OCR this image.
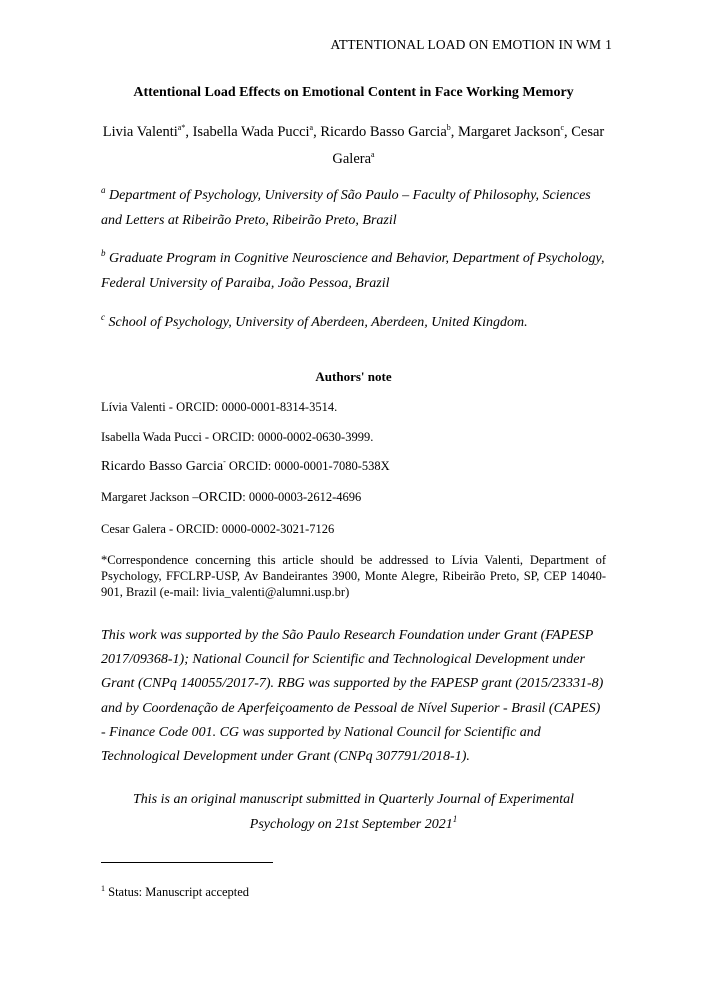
ATTENTIONAL LOAD ON EMOTION IN WM 1
Attentional Load Effects on Emotional Content in Face Working Memory
Livia Valenti$^{a*}$, Isabella Wada Pucci$^a$, Ricardo Basso Garcia$^b$, Margaret Jackson$^c$, Cesar Galera$^a$
$^a$ Department of Psychology, University of São Paulo – Faculty of Philosophy, Sciences and Letters at Ribeirão Preto, Ribeirão Preto, Brazil
$^b$ Graduate Program in Cognitive Neuroscience and Behavior, Department of Psychology, Federal University of Paraiba, João Pessoa, Brazil
$^c$ School of Psychology, University of Aberdeen, Aberdeen, United Kingdom.
Authors' note
Lívia Valenti - ORCID: 0000-0001-8314-3514.
Isabella Wada Pucci - ORCID: 0000-0002-0630-3999.
Ricardo Basso Garcia- ORCID: 0000-0001-7080-538X
Margaret Jackson –ORCID: 0000-0003-2612-4696
Cesar Galera - ORCID: 0000-0002-3021-7126
*Correspondence concerning this article should be addressed to Lívia Valenti, Department of Psychology, FFCLRP-USP, Av Bandeirantes 3900, Monte Alegre, Ribeirão Preto, SP, CEP 14040-901, Brazil (e-mail: livia_valenti@alumni.usp.br)
This work was supported by the São Paulo Research Foundation under Grant (FAPESP 2017/09368-1); National Council for Scientific and Technological Development under Grant (CNPq 140055/2017-7). RBG was supported by the FAPESP grant (2015/23331-8) and by Coordenação de Aperfeiçoamento de Pessoal de Nível Superior - Brasil (CAPES) - Finance Code 001. CG was supported by National Council for Scientific and Technological Development under Grant (CNPq 307791/2018-1).
This is an original manuscript submitted in Quarterly Journal of Experimental Psychology on 21st September 2021$^1$
$^1$ Status: Manuscript accepted
